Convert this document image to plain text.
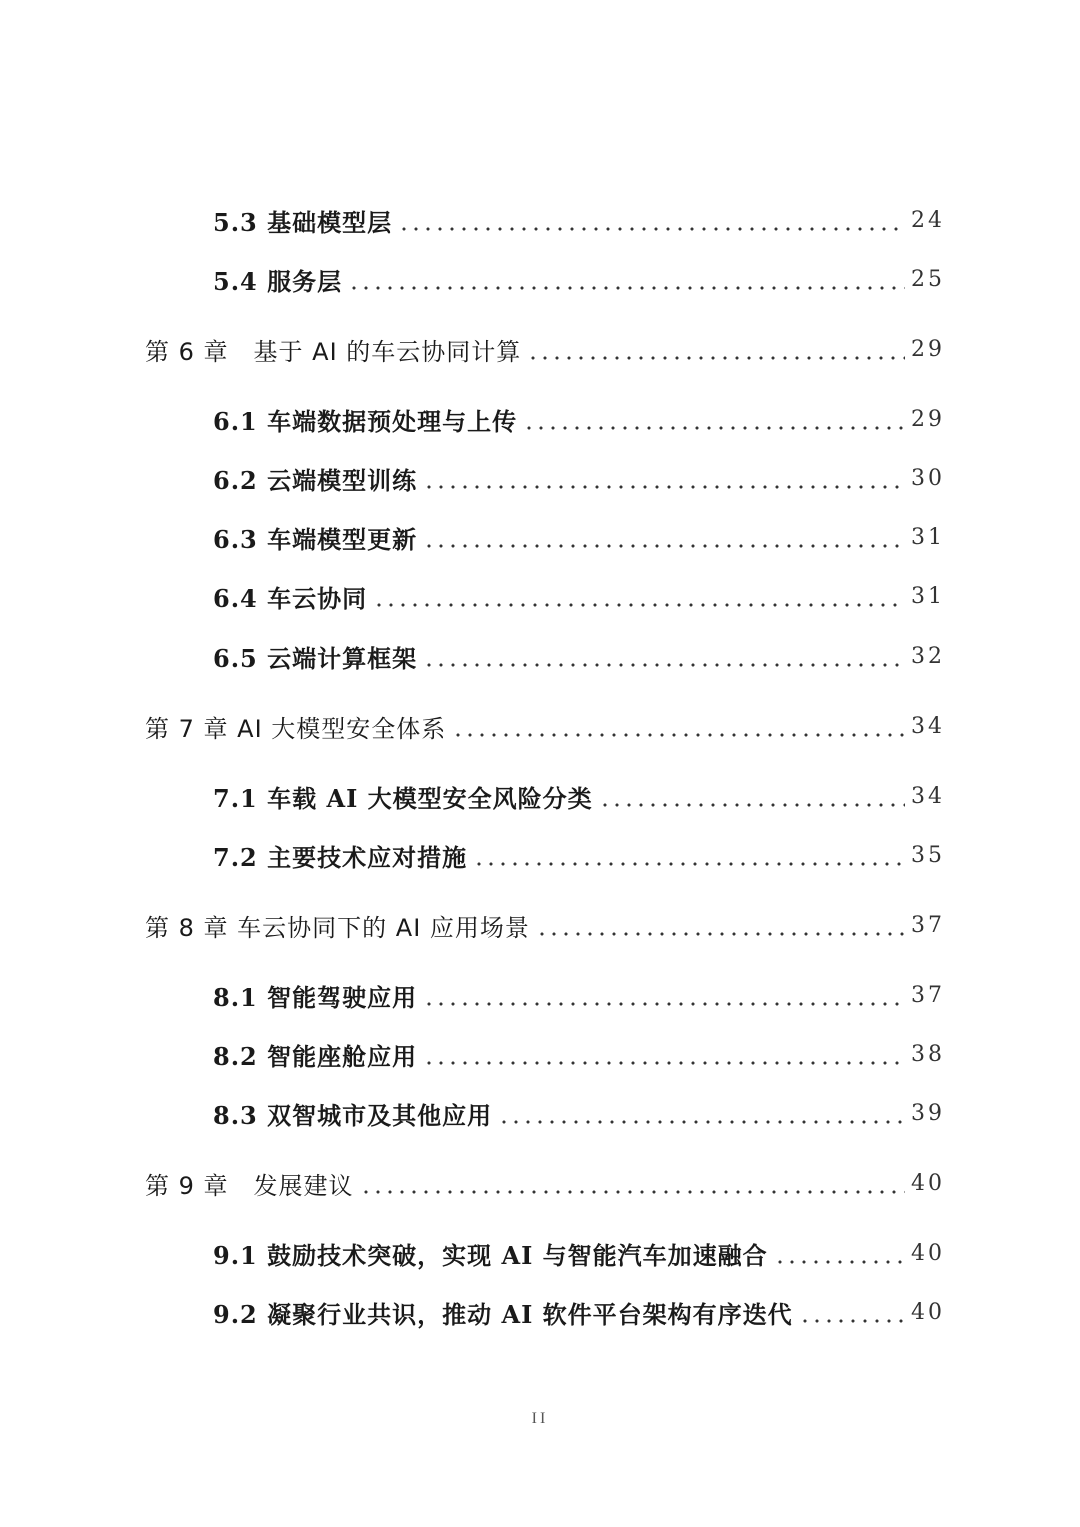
5.3 基础模型层	24
5.4 服务层	25
第 6 章　基于 AI 的车云协同计算	29
6.1 车端数据预处理与上传	29
6.2 云端模型训练	30
6.3 车端模型更新	31
6.4 车云协同	31
6.5 云端计算框架	32
第 7 章 AI 大模型安全体系	34
7.1 车载 AI 大模型安全风险分类	34
7.2 主要技术应对措施	35
第 8 章 车云协同下的 AI 应用场景	37
8.1 智能驾驶应用	37
8.2 智能座舱应用	38
8.3 双智城市及其他应用	39
第 9 章　发展建议	40
9.1 鼓励技术突破，实现 AI 与智能汽车加速融合	40
9.2 凝聚行业共识，推动 AI 软件平台架构有序迭代	40
II
